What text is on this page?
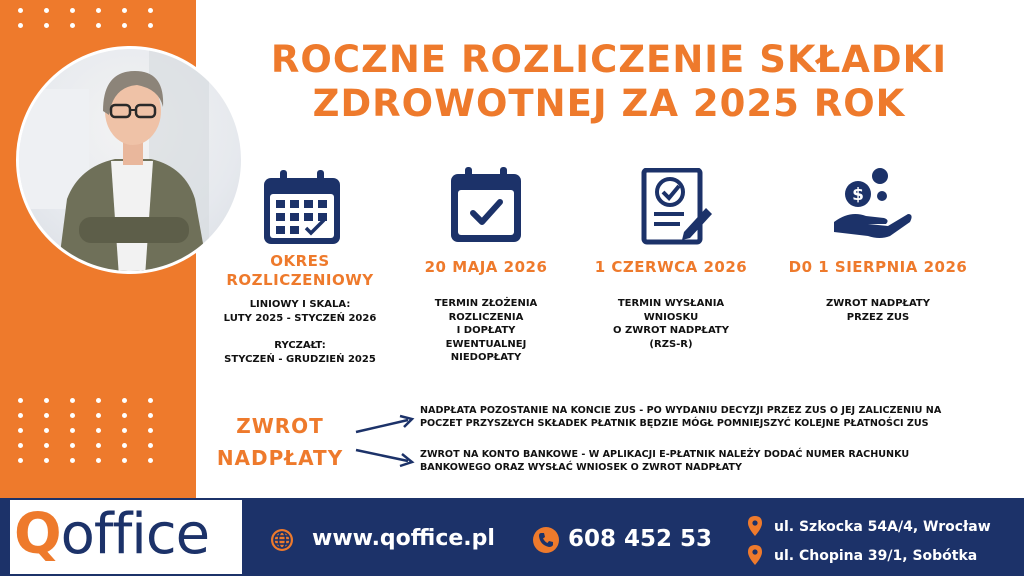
ROCZNE ROZLICZENIE SKŁADKI
ZDROWOTNEJ ZA 2025 ROK
$
OKRES
ROZLICZENIOWY
LINIOWY I SKALA:
LUTY 2025 - STYCZEŃ 2026
RYCZAŁT:
STYCZEŃ - GRUDZIEŃ 2025
20 MAJA 2026
TERMIN ZŁOŻENIA
ROZLICZENIA
I DOPŁATY
EWENTUALNEJ
NIEDOPŁATY
1 CZERWCA 2026
TERMIN WYSŁANIA
WNIOSKU
O ZWROT NADPŁATY
(RZS-R)
D0 1 SIERPNIA 2026
ZWROT NADPŁATY
PRZEZ ZUS
ZWROT
NADPŁATY
NADPŁATA POZOSTANIE NA KONCIE ZUS - PO WYDANIU DECYZJI PRZEZ ZUS O JEJ ZALICZENIU NA
POCZET PRZYSZŁYCH SKŁADEK PŁATNIK BĘDZIE MÓGŁ POMNIEJSZYĆ KOLEJNE PŁATNOŚCI ZUS
ZWROT NA KONTO BANKOWE - W APLIKACJI E-PŁATNIK NALEŻY DODAĆ NUMER RACHUNKU
BANKOWEGO ORAZ WYSŁAĆ WNIOSEK O ZWROT NADPŁATY
Qoffice	www.qoffice.pl	608 452 53	ul. Szkocka 54A/4, Wrocław
ul. Chopina 39/1, Sobótka
